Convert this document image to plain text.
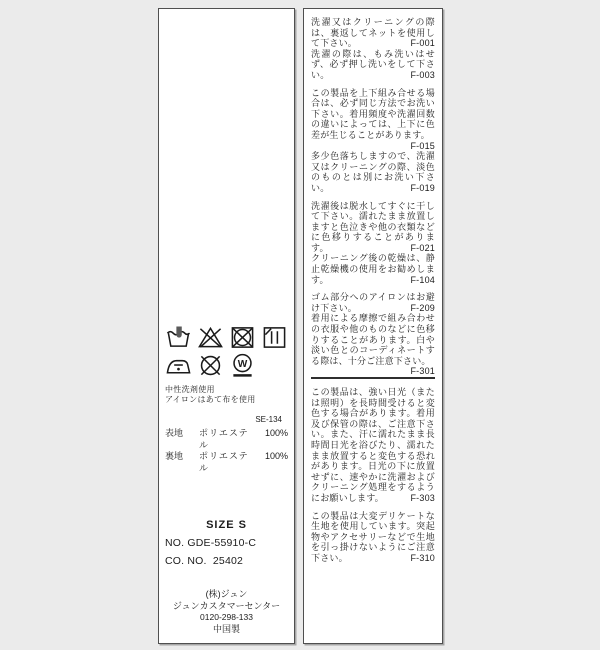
W
中性洗剤使用
アイロンはあて布を使用
SE-134
表地	ポリエステル
100%
裏地	ポリエステル
100%
SIZE S
NO. GDE-55910-C
CO. NO.  25402
(株)ジュン
ジュンカスタマーセンター
0120-298-133
中国製

洗濯又はクリーニングの際は、裏返してネットを使用して下さい。	F-001

洗濯の際は、もみ洗いはせず、必ず押し洗いをして下さい。	F-003

この製品を上下組み合せる場合は、必ず同じ方法でお洗い下さい。着用頻度や洗濯回数の違いによっては、上下に色差が生じることがあります。
F-015

多少色落ちしますので、洗濯又はクリーニングの際、淡色のものとは別にお洗い下さい。	F-019

洗濯後は脱水してすぐに干して下さい。濡れたまま放置しますと色泣きや他の衣類などに色移りすることがあります。	F-021

クリーニング後の乾燥は、静止乾燥機の使用をお勧めします。	F-104

ゴム部分へのアイロンはお避け下さい。	F-209

着用による摩擦で組み合わせの衣服や他のものなどに色移りすることがあります。白や淡い色とのコーディネートする際は、十分ご注意下さい。
F-301

この製品は、強い日光（または照明）を長時間受けると変色する場合があります。着用及び保管の際は、ご注意下さい。また、汗に濡れたまま長時間日光を浴びたり、濡れたまま放置すると変色する恐れがあります。日光の下に放置せずに、速やかに洗濯およびクリーニング処理をするようにお願いします。	F-303

この製品は大変デリケートな生地を使用しています。突起物やアクセサリーなどで生地を引っ掛けないようにご注意下さい。	F-310
